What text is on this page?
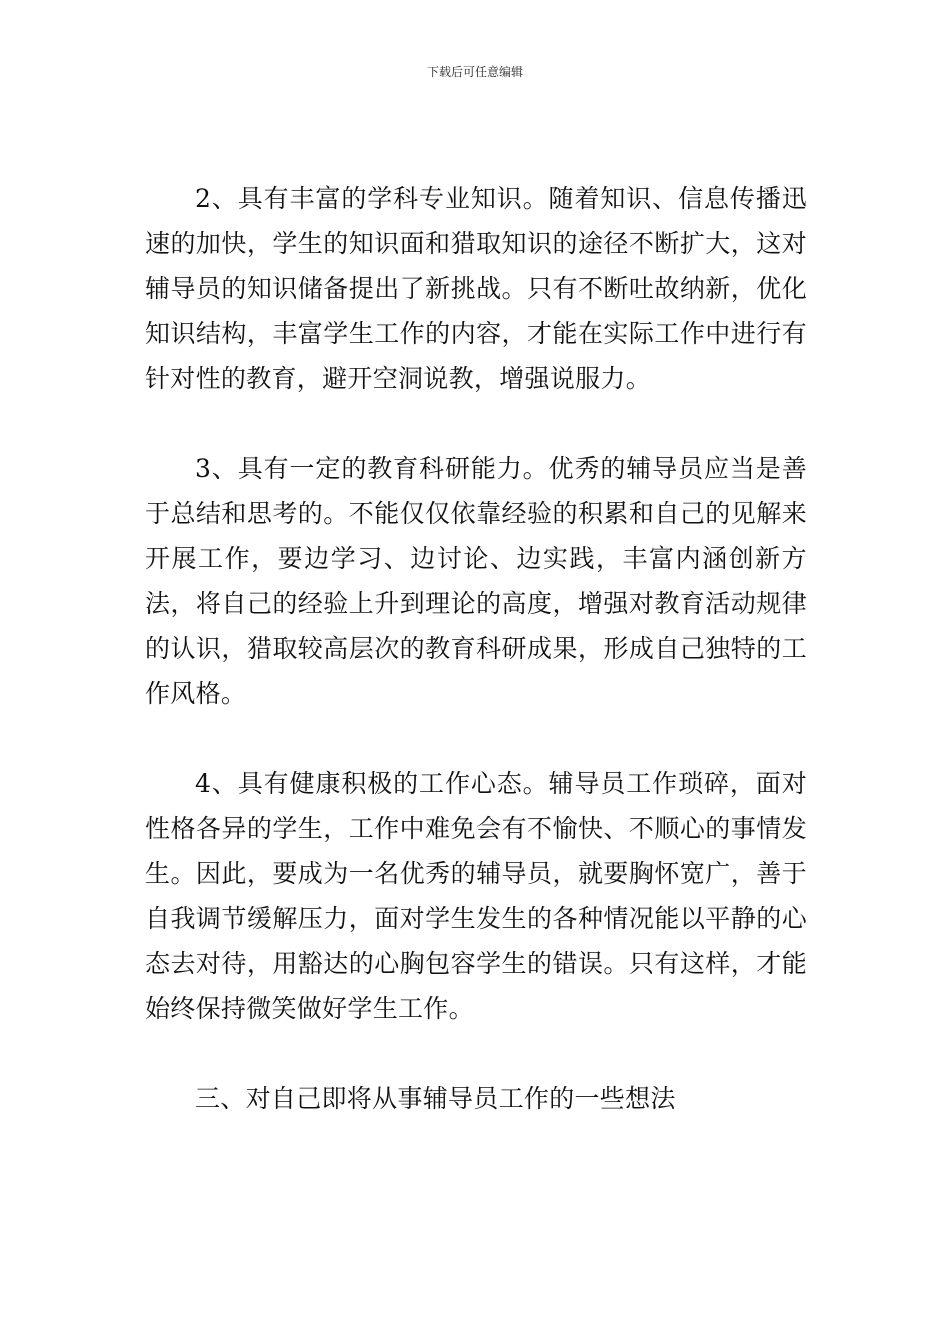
下载后可任意编辑

2、具有丰富的学科专业知识。随着知识、信息传播迅速的加快，学生的知识面和猎取知识的途径不断扩大，这对辅导员的知识储备提出了新挑战。只有不断吐故纳新，优化知识结构，丰富学生工作的内容，才能在实际工作中进行有针对性的教育，避开空洞说教，增强说服力。

3、具有一定的教育科研能力。优秀的辅导员应当是善于总结和思考的。不能仅仅依靠经验的积累和自己的见解来开展工作，要边学习、边讨论、边实践，丰富内涵创新方法，将自己的经验上升到理论的高度，增强对教育活动规律的认识，猎取较高层次的教育科研成果，形成自己独特的工作风格。

4、具有健康积极的工作心态。辅导员工作琐碎，面对性格各异的学生，工作中难免会有不愉快、不顺心的事情发生。因此，要成为一名优秀的辅导员，就要胸怀宽广，善于自我调节缓解压力，面对学生发生的各种情况能以平静的心态去对待，用豁达的心胸包容学生的错误。只有这样，才能始终保持微笑做好学生工作。

三、对自己即将从事辅导员工作的一些想法
